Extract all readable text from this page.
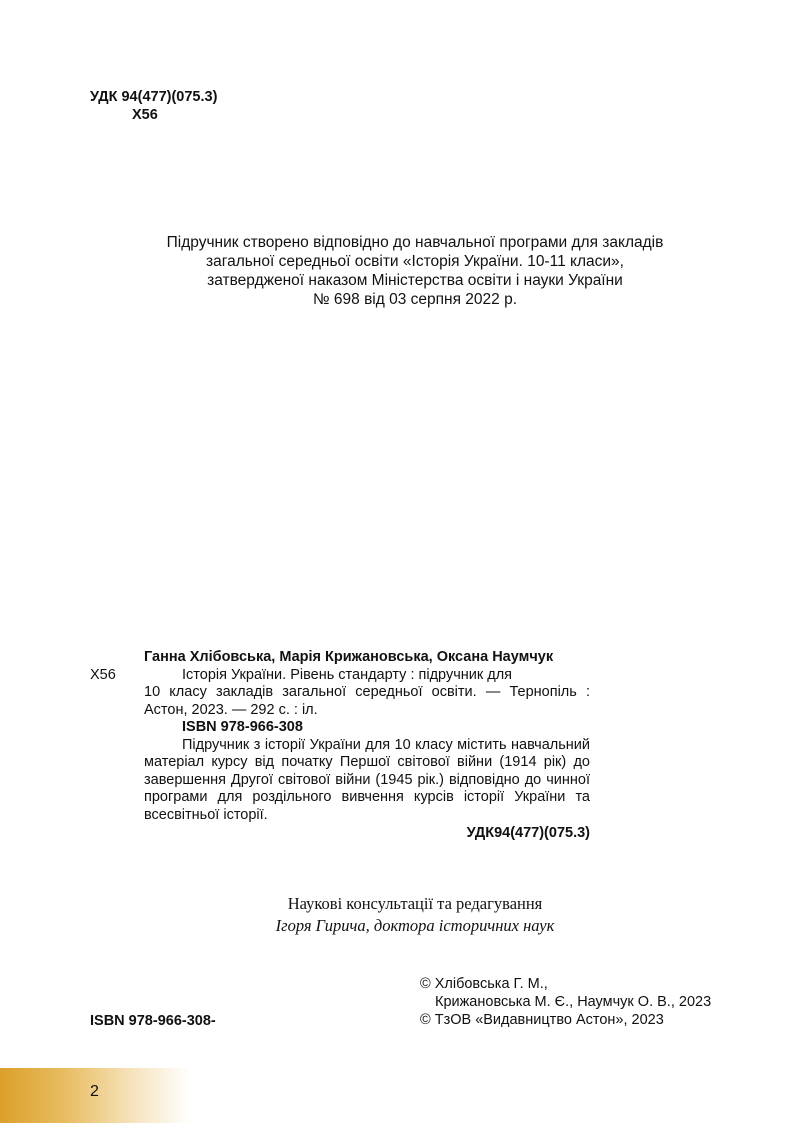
УДК 94(477)(075.3)
Х56
Підручник створено відповідно до навчальної програми для закладів
загальної середньої освіти «Історія України. 10-11 класи»,
затвердженої наказом Міністерства освіти і науки України
№ 698 від 03 серпня 2022 р.
Ганна Хлібовська, Марія Крижановська, Оксана Наумчук
Х56	Історія України. Рівень стандарту : підручник для
10 класу закладів загальної середньої освіти. — Тернопіль : Астон, 2023. — 292 с. : іл.
ISBN 978-966-308
Підручник з історії України для 10 класу містить навчальний матеріал курсу від початку Першої світової війни (1914 рік) до завершення Другої світової війни (1945 рік.) відповідно до чинної програми для роздільного вивчення курсів історії України та всесвітньої історії.
УДК94(477)(075.3)
Наукові консультації та редагування
Ігоря Гирича, доктора історичних наук
© Хлібовська Г. М.,
Крижановська М. Є., Наумчук О. В., 2023
© ТзОВ «Видавництво Астон», 2023
ISBN 978-966-308-
2
